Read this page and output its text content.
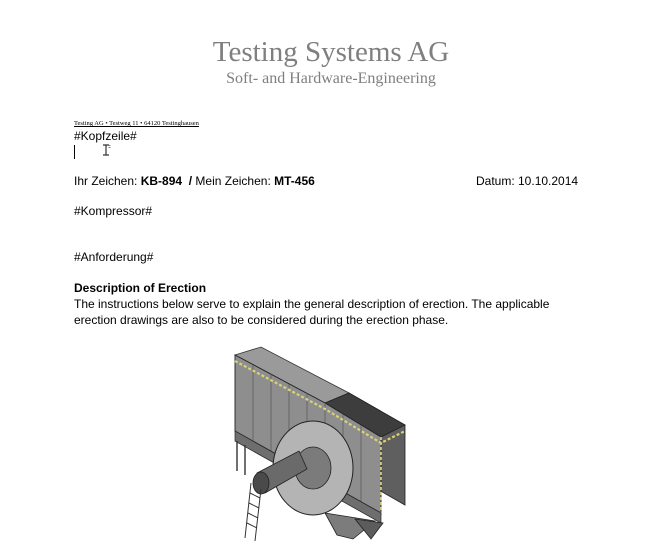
Testing Systems AG
Soft- and Hardware-Engineering
Testing AG • Testweg 11 • 64120 Testinghausen
#Kopfzeile#
Ihr Zeichen: KB-894  / Mein Zeichen: MT-456	Datum: 10.10.2014
#Kompressor#
#Anforderung#
Description of Erection
The instructions below serve to explain the general description of erection. The applicable erection drawings are also to be considered during the erection phase.
